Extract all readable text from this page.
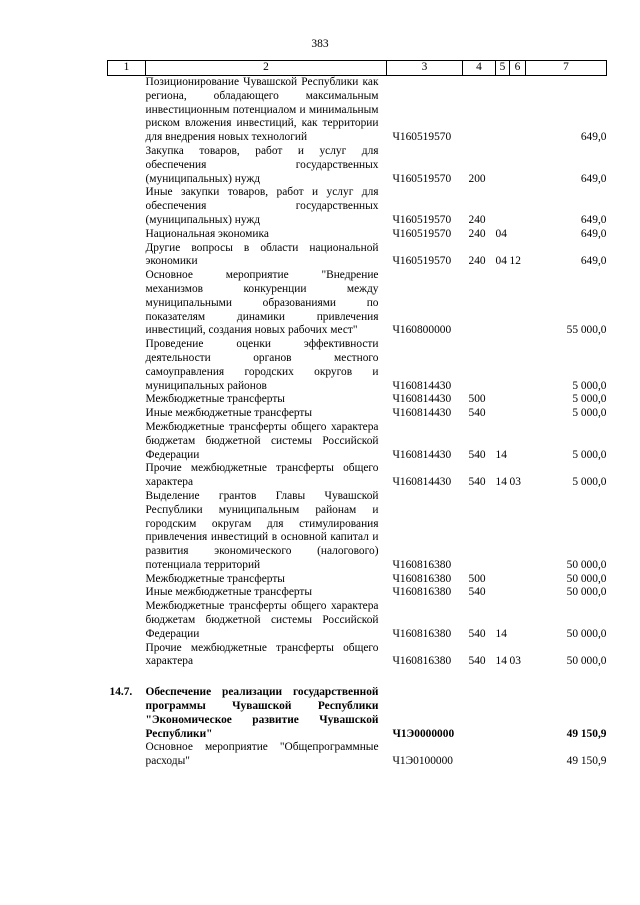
383
1	2	3	4	5	6	7
	Позиционирование Чувашской Республики как региона, обладающего максимальным инвестиционным потенциалом и минимальным риском вложения инвестиций, как территории для внедрения новых технологий	Ч160519570				649,0
	Закупка товаров, работ и услуг для обеспечения государственных (муниципальных) нужд	Ч160519570	200			649,0
	Иные закупки товаров, работ и услуг для обеспечения государственных (муниципальных) нужд	Ч160519570	240			649,0
	Национальная экономика	Ч160519570	240	04		649,0
	Другие вопросы в области национальной экономики	Ч160519570	240	04	12	649,0
	Основное мероприятие "Внедрение механизмов конкуренции между муниципальными образованиями по показателям динамики привлечения инвестиций, создания новых рабочих мест"	Ч160800000				55 000,0
	Проведение оценки эффективности деятельности органов местного самоуправления городских округов и муниципальных районов	Ч160814430				5 000,0
	Межбюджетные трансферты	Ч160814430	500			5 000,0
	Иные межбюджетные трансферты	Ч160814430	540			5 000,0
	Межбюджетные трансферты общего характера бюджетам бюджетной системы Российской Федерации	Ч160814430	540	14		5 000,0
	Прочие межбюджетные трансферты общего характера	Ч160814430	540	14	03	5 000,0
	Выделение грантов Главы Чувашской Республики муниципальным районам и городским округам для стимулирования привлечения инвестиций в основной капитал и развития экономического (налогового) потенциала территорий	Ч160816380				50 000,0
	Межбюджетные трансферты	Ч160816380	500			50 000,0
	Иные межбюджетные трансферты	Ч160816380	540			50 000,0
	Межбюджетные трансферты общего характера бюджетам бюджетной системы Российской Федерации	Ч160816380	540	14		50 000,0
	Прочие межбюджетные трансферты общего характера	Ч160816380	540	14	03	50 000,0

14.7.	Обеспечение реализации государственной программы Чувашской Республики "Экономическое развитие Чувашской Республики"	Ч1Э0000000				49 150,9
	Основное мероприятие "Общепрограммные расходы"	Ч1Э0100000				49 150,9
